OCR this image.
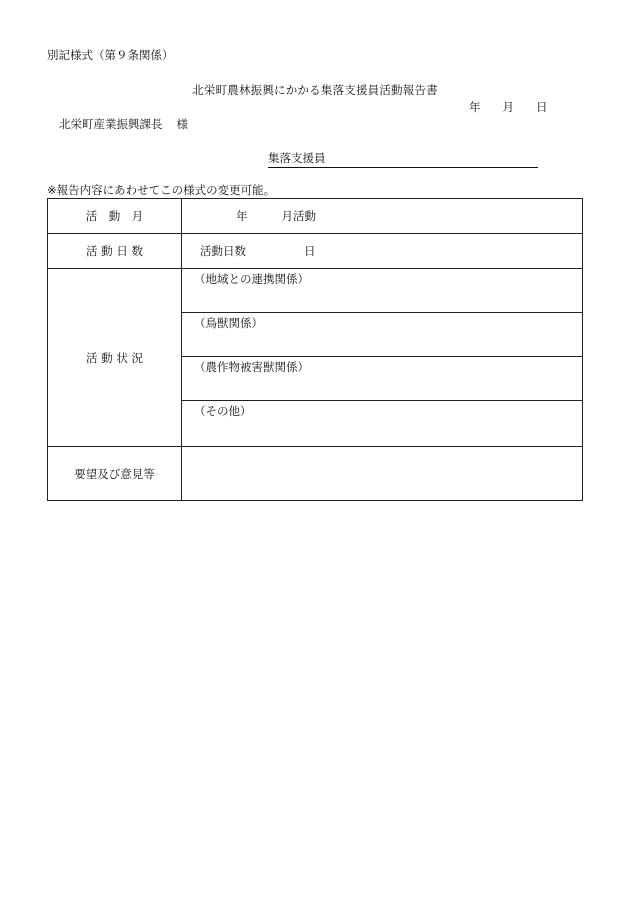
別記様式（第９条関係）
北栄町農林振興にかかる集落支援員活動報告書
年 月 日
北栄町産業振興課長 様
集落支援員
※報告内容にあわせてこの様式の変更可能。
活　動　月	年 月活動

活 動 日 数	活動日数 日

活 動 状 況	（地域との連携関係）
（鳥獣関係）
（農作物被害獣関係）
（その他）

要望及び意見等	
